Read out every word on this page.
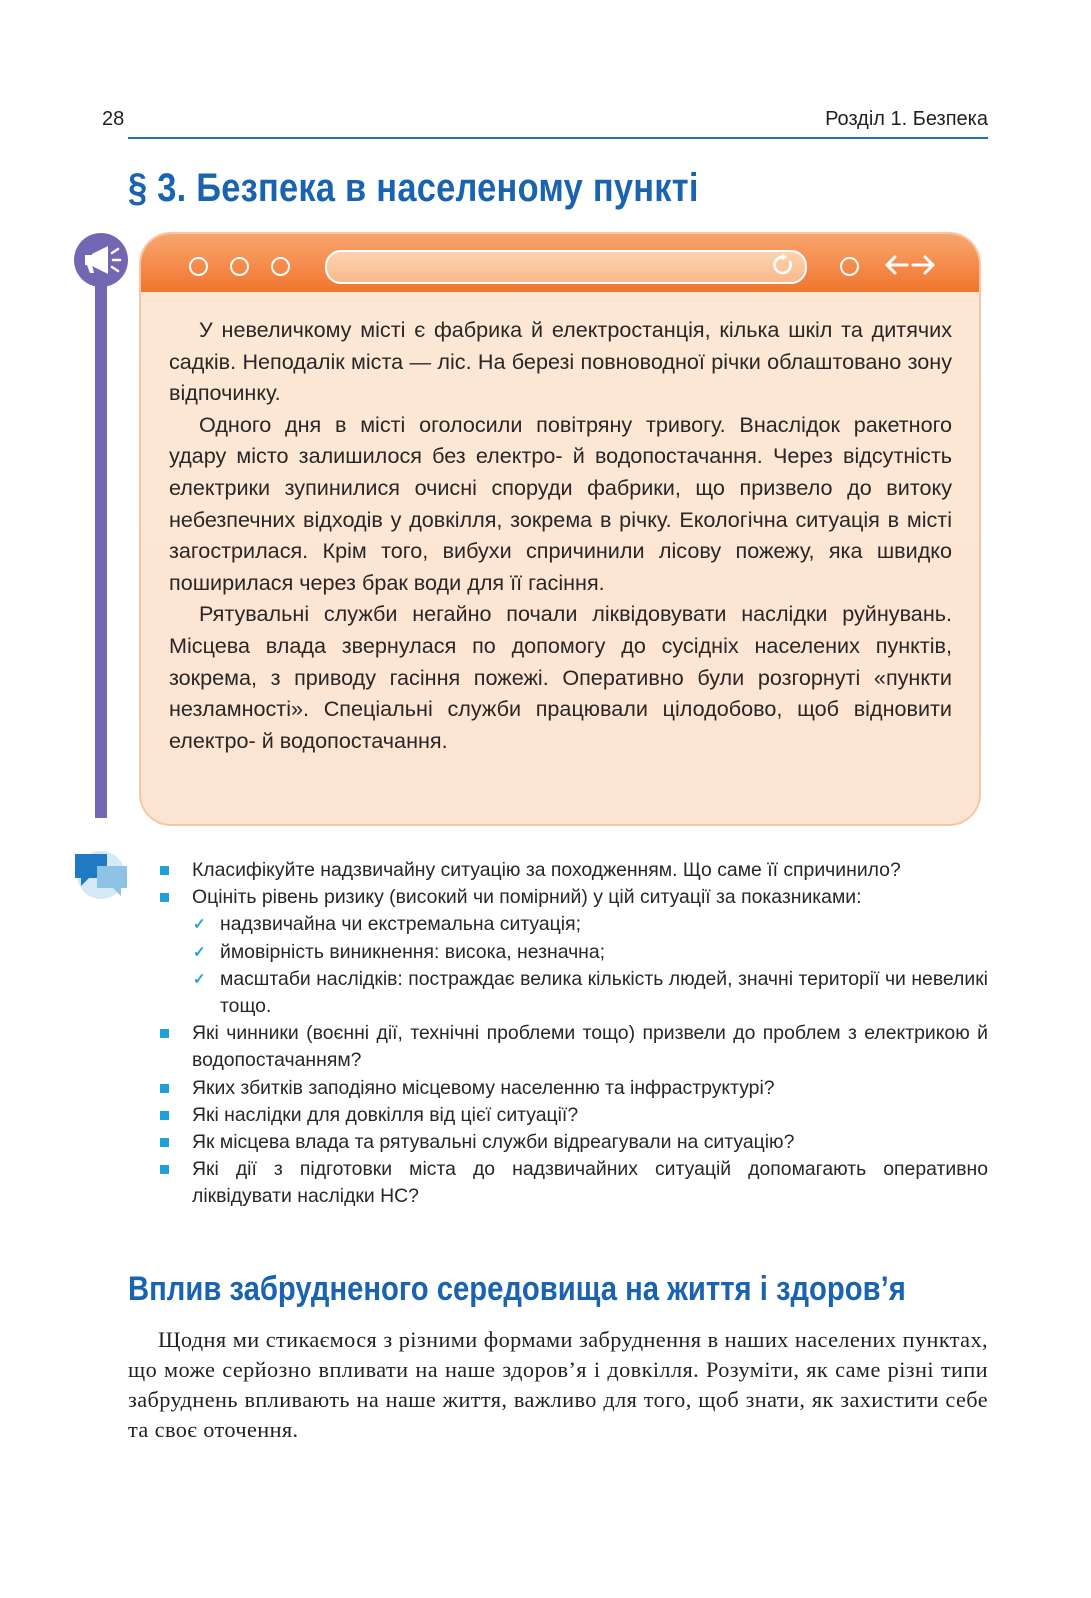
28	Розділ 1. Безпека
§ 3. Безпека в населеному пункті

У невеличкому місті є фабрика й електростанція, кілька шкіл та дитячих садків. Неподалік міста — ліс. На березі повноводної річки облаштовано зону відпочинку.

Одного дня в місті оголосили повітряну тривогу. Внаслідок ракетного удару місто залишилося без електро- й водопостачання. Через відсутність електрики зупинилися очисні споруди фабрики, що призвело до витоку небезпечних відходів у довкілля, зокрема в річку. Екологічна ситуація в місті загострилася. Крім того, вибухи спричинили лісову пожежу, яка швидко поширилася через брак води для її гасіння.

Рятувальні служби негайно почали ліквідовувати наслідки руйнувань. Місцева влада звернулася по допомогу до сусідніх населених пунктів, зокрема, з приводу гасіння пожежі. Оперативно були розгорнуті «пункти незламності». Спеціальні служби працювали цілодобово, щоб відновити електро- й водопостачання.

Класифікуйте надзвичайну ситуацію за походженням. Що саме її спричинило?
Оцініть рівень ризику (високий чи помірний) у цій ситуації за показниками:
✓ надзвичайна чи екстремальна ситуація;
✓ ймовірність виникнення: висока, незначна;
✓ масштаби наслідків: постраждає велика кількість людей, значні території чи невеликі тощо.
Які чинники (воєнні дії, технічні проблеми тощо) призвели до проблем з електрикою й водопостачанням?
Яких збитків заподіяно місцевому населенню та інфраструктурі?
Які наслідки для довкілля від цієї ситуації?
Як місцева влада та рятувальні служби відреагували на ситуацію?
Які дії з підготовки міста до надзвичайних ситуацій допомагають оперативно ліквідувати наслідки НС?
Вплив забрудненого середовища на життя і здоров’я

Щодня ми стикаємося з різними формами забруднення в наших населених пунктах, що може серйозно впливати на наше здоров’я і довкілля. Розуміти, як саме різні типи забруднень впливають на наше життя, важливо для того, щоб знати, як захистити себе та своє оточення.
